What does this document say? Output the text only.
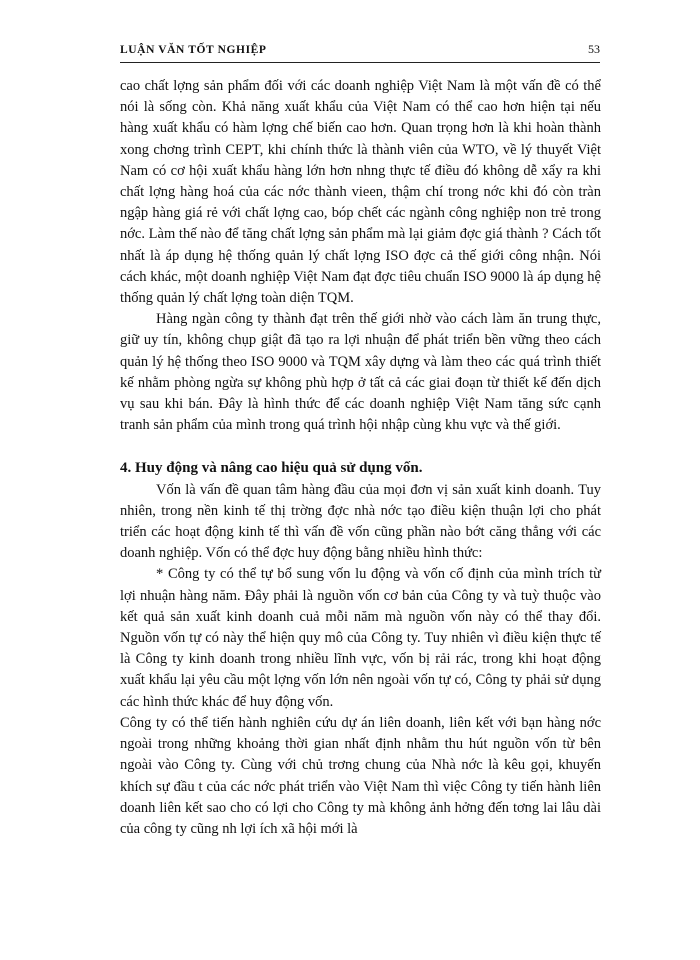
LUẬN VĂN TỐT NGHIỆP	53

cao chất lợng sản phẩm đối với các doanh nghiệp Việt Nam là một vấn đề có thể nói là sống còn. Khả năng xuất khẩu của Việt Nam có thể cao hơn hiện tại nếu hàng xuất khẩu có hàm lợng chế biến cao hơn. Quan trọng hơn là khi hoàn thành xong chơng trình CEPT, khi chính thức là thành viên của WTO, về lý thuyết Việt Nam có cơ hội xuất khẩu hàng lớn hơn nhng thực tế điều đó không dễ xẩy ra khi chất lợng hàng hoá của các nớc thành vieen, thậm chí trong nớc khi đó còn tràn ngập hàng giá rẻ với chất lợng cao, bóp chết các ngành công nghiệp non trẻ trong nớc. Làm thế nào để tăng chất lợng sản phẩm mà lại giảm đợc giá thành ? Cách tốt nhất là áp dụng hệ thống quản lý chất lợng ISO đợc cả thế giới công nhận. Nói cách khác, một doanh nghiệp Việt Nam đạt đợc tiêu chuẩn ISO 9000 là áp dụng hệ thống quản lý chất lợng toàn diện TQM.

Hàng ngàn công ty thành đạt trên thế giới nhờ vào cách làm ăn trung thực, giữ uy tín, không chụp giật đã tạo ra lợi nhuận để phát triển bền vững theo cách quản lý hệ thống theo ISO 9000 và TQM xây dựng và làm theo các quá trình thiết kế nhằm phòng ngừa sự không phù hợp ở tất cả các giai đoạn từ thiết kế đến dịch vụ sau khi bán. Đây là hình thức để các doanh nghiệp Việt Nam tăng sức cạnh tranh sản phẩm của mình trong quá trình hội nhập cùng khu vực và thế giới.

4. Huy động và nâng cao hiệu quả sử dụng vốn.

Vốn là vấn đề quan tâm hàng đầu của mọi đơn vị sản xuất kinh doanh. Tuy nhiên, trong nền kinh tế thị trờng đợc nhà nớc tạo điều kiện thuận lợi cho phát triển các hoạt động kinh tế thì vấn đề vốn cũng phần nào bớt căng thẳng với các doanh nghiệp. Vốn có thể đợc huy động bằng nhiều hình thức:

* Công ty có thể tự bổ sung vốn lu động và vốn cố định của mình trích từ lợi nhuận hàng năm. Đây phải là nguồn vốn cơ bản của Công ty và tuỳ thuộc vào kết quả sản xuất kinh doanh cuả mỗi năm mà nguồn vốn này có thể thay đổi. Nguồn vốn tự có này thể hiện quy mô của Công ty. Tuy nhiên vì điều kiện thực tế là Công ty kinh doanh trong nhiều lĩnh vực, vốn bị rải rác, trong khi hoạt động xuất khẩu lại yêu cầu một lợng vốn lớn nên ngoài vốn tự có, Công ty phải sử dụng các hình thức khác để huy động vốn.

Công ty có thể tiến hành nghiên cứu dự án liên doanh, liên kết với bạn hàng nớc ngoài trong những khoảng thời gian nhất định nhằm thu hút nguồn vốn từ bên ngoài vào Công ty. Cùng với chủ trơng chung của Nhà nớc là kêu gọi, khuyến khích sự đầu t của các nớc phát triển vào Việt Nam thì việc Công ty tiến hành liên doanh liên kết sao cho có lợi cho Công ty mà không ảnh hởng đến tơng lai lâu dài của công ty cũng nh lợi ích xã hội mới là
